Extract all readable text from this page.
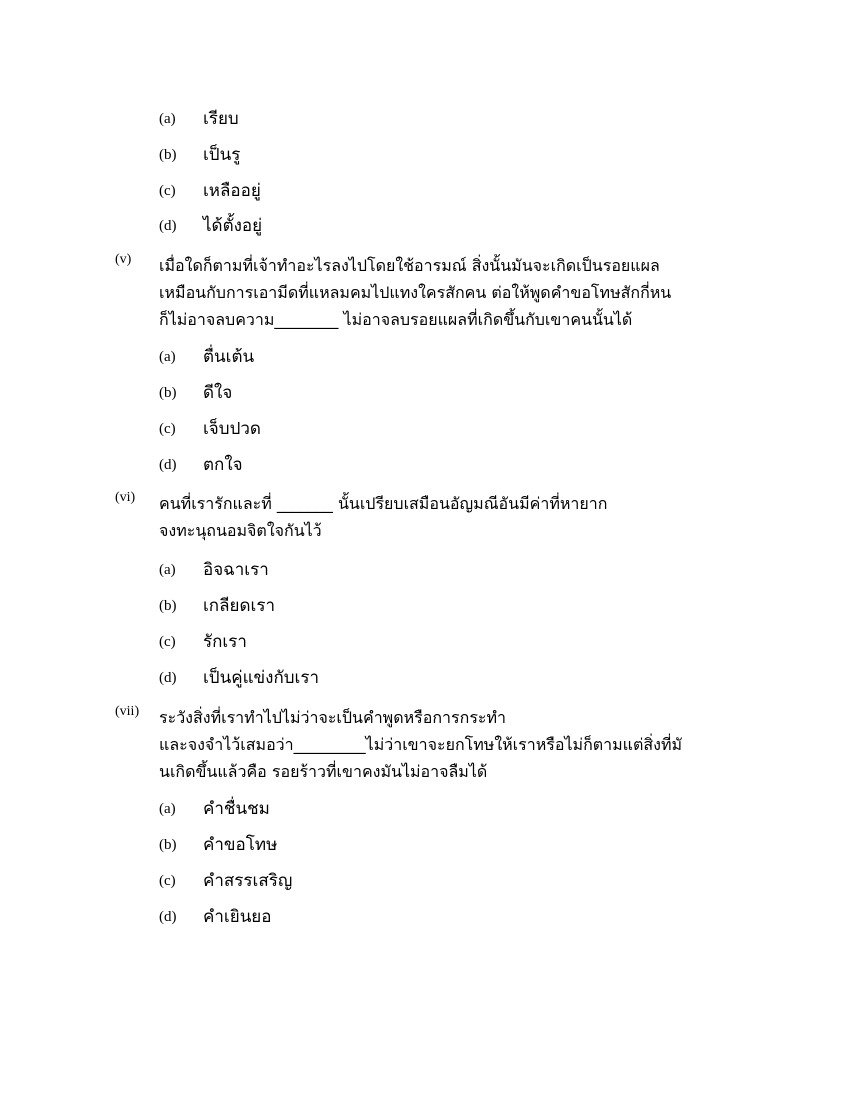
(a) เรียบ
(b) เป็นรู
(c) เหลืออยู่
(d) ได้ตั้งอยู่
(v) เมื่อใดก็ตามที่เจ้าทำอะไรลงไปโดยใช้อารมณ์ สิ่งนั้นมันจะเกิดเป็นรอยแผล
เหมือนกับการเอามีดที่แหลมคมไปแทงใครสักคน ต่อให้พูดคำขอโทษสักกี่หน
ก็ไม่อาจลบความ________ ไม่อาจลบรอยแผลที่เกิดขึ้นกับเขาคนนั้นได้
(a) ตื่นเต้น
(b) ดีใจ
(c) เจ็บปวด
(d) ตกใจ
(vi) คนที่เรารักและที่ _______ นั้นเปรียบเสมือนอัญมณีอันมีค่าที่หายาก
จงทะนุถนอมจิตใจกันไว้
(a) อิจฉาเรา
(b) เกลียดเรา
(c) รักเรา
(d) เป็นคู่แข่งกับเรา
(vii) ระวังสิ่งที่เราทำไปไม่ว่าจะเป็นคำพูดหรือการกระทำ
และจงจำไว้เสมอว่า_________ไม่ว่าเขาจะยกโทษให้เราหรือไม่ก็ตามแต่สิ่งที่มั
นเกิดขึ้นแล้วคือ รอยร้าวที่เขาคงมันไม่อาจลืมได้
(a) คำชื่นชม
(b) คำขอโทษ
(c) คำสรรเสริญ
(d) คำเยินยอ
